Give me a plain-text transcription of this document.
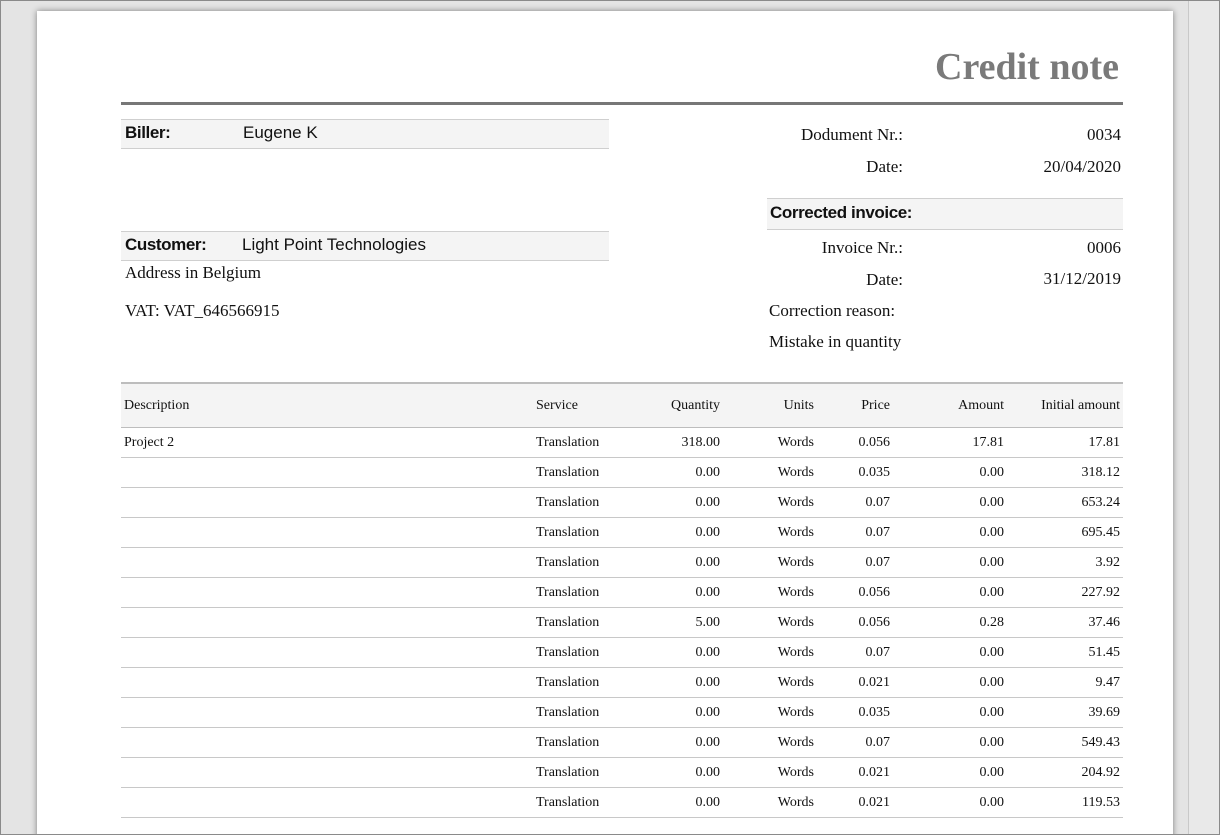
Credit note
Biller:	Eugene K	Dodument Nr.:	0034
Date:	20/04/2020
Corrected invoice:
Invoice Nr.:	0006
Date:	31/12/2019
Correction reason:
Mistake in quantity
Customer: Light Point Technologies
Address in Belgium
VAT: VAT_646566915
Description	Service	Quantity	Units	Price	Amount	Initial amount
Project 2	Translation	318.00	Words	0.056	17.81	17.81
	Translation	0.00	Words	0.035	0.00	318.12
	Translation	0.00	Words	0.07	0.00	653.24
	Translation	0.00	Words	0.07	0.00	695.45
	Translation	0.00	Words	0.07	0.00	3.92
	Translation	0.00	Words	0.056	0.00	227.92
	Translation	5.00	Words	0.056	0.28	37.46
	Translation	0.00	Words	0.07	0.00	51.45
	Translation	0.00	Words	0.021	0.00	9.47
	Translation	0.00	Words	0.035	0.00	39.69
	Translation	0.00	Words	0.07	0.00	549.43
	Translation	0.00	Words	0.021	0.00	204.92
	Translation	0.00	Words	0.021	0.00	119.53
